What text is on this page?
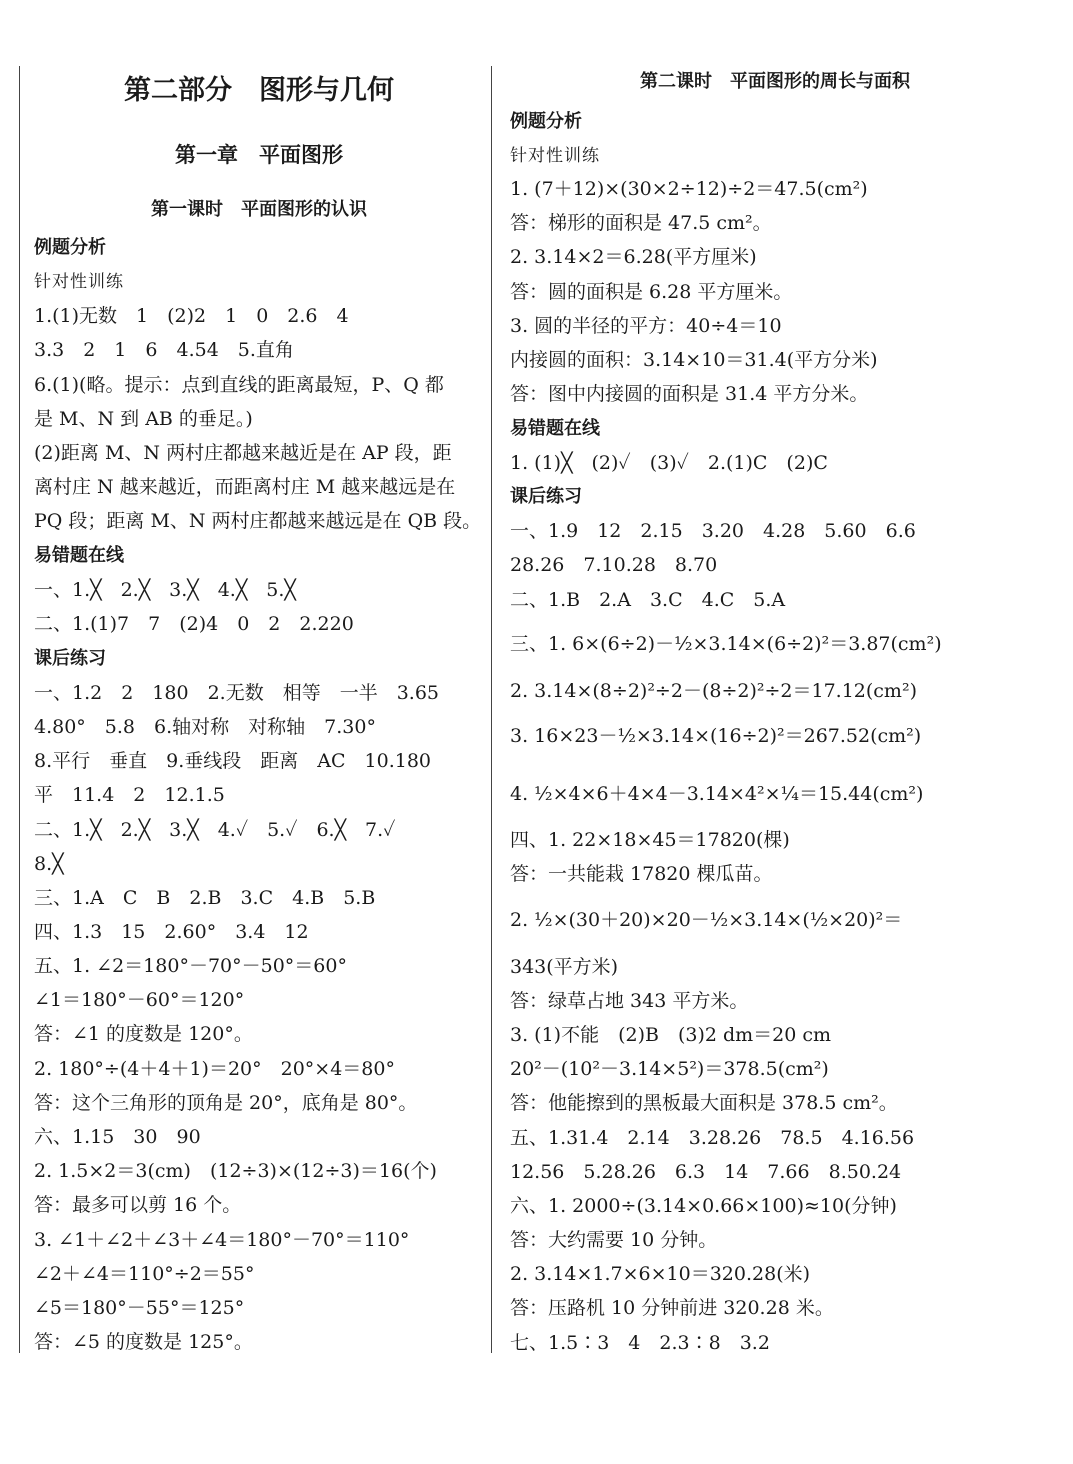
第二部分　图形与几何
第一章　平面图形
第一课时　平面图形的认识
例题分析
针对性训练
1.(1)无数　1　(2)2　1　0　2.6　4
3.3　2　1　6　4.54　5.直角
6.(1)(略。提示：点到直线的距离最短，P、Q 都
是 M、N 到 AB 的垂足。)
(2)距离 M、N 两村庄都越来越近是在 AP 段，距
离村庄 N 越来越近，而距离村庄 M 越来越远是在
PQ 段；距离 M、N 两村庄都越来越远是在 QB 段。
易错题在线
一、1.╳　2.╳　3.╳　4.╳　5.╳
二、1.(1)7　7　(2)4　0　2　2.220
课后练习
一、1.2　2　180　2.无数　相等　一半　3.65
4.80°　5.8　6.轴对称　对称轴　7.30°
8.平行　垂直　9.垂线段　距离　AC　10.180
平　11.4　2　12.1.5
二、1.╳　2.╳　3.╳　4.✓　5.✓　6.╳　7.✓
8.╳
三、1.A　C　B　2.B　3.C　4.B　5.B
四、1.3　15　2.60°　3.4　12
五、1. ∠2＝180°－70°－50°＝60°
∠1＝180°－60°＝120°
答：∠1 的度数是 120°。
2. 180°÷(4＋4＋1)＝20°　20°×4＝80°
答：这个三角形的顶角是 20°，底角是 80°。
六、1.15　30　90
2. 1.5×2＝3(cm)　(12÷3)×(12÷3)＝16(个)
答：最多可以剪 16 个。
3. ∠1＋∠2＋∠3＋∠4＝180°－70°＝110°
∠2＋∠4＝110°÷2＝55°
∠5＝180°－55°＝125°
答：∠5 的度数是 125°。
第二课时　平面图形的周长与面积
例题分析
针对性训练
1. (7＋12)×(30×2÷12)÷2＝47.5(cm²)
答：梯形的面积是 47.5 cm²。
2. 3.14×2＝6.28(平方厘米)
答：圆的面积是 6.28 平方厘米。
3. 圆的半径的平方：40÷4＝10
内接圆的面积：3.14×10＝31.4(平方分米)
答：图中内接圆的面积是 31.4 平方分米。
易错题在线
1. (1)╳　(2)✓　(3)✓　2.(1)C　(2)C
课后练习
一、1.9　12　2.15　3.20　4.28　5.60　6.6
28.26　7.10.28　8.70
二、1.B　2.A　3.C　4.C　5.A
三、1. 6×(6÷2)－½×3.14×(6÷2)²＝3.87(cm²)
2. 3.14×(8÷2)²÷2－(8÷2)²÷2＝17.12(cm²)
3. 16×23－½×3.14×(16÷2)²＝267.52(cm²)
4. ½×4×6＋4×4－3.14×4²×¼＝15.44(cm²)
四、1. 22×18×45＝17820(棵)
答：一共能栽 17820 棵瓜苗。
2. ½×(30＋20)×20－½×3.14×(½×20)²＝
343(平方米)
答：绿草占地 343 平方米。
3. (1)不能　(2)B　(3)2 dm＝20 cm
20²－(10²－3.14×5²)＝378.5(cm²)
答：他能擦到的黑板最大面积是 378.5 cm²。
五、1.31.4　2.14　3.28.26　78.5　4.16.56
12.56　5.28.26　6.3　14　7.66　8.50.24
六、1. 2000÷(3.14×0.66×100)≈10(分钟)
答：大约需要 10 分钟。
2. 3.14×1.7×6×10＝320.28(米)
答：压路机 10 分钟前进 320.28 米。
七、1.5∶3　4　2.3∶8　3.2
